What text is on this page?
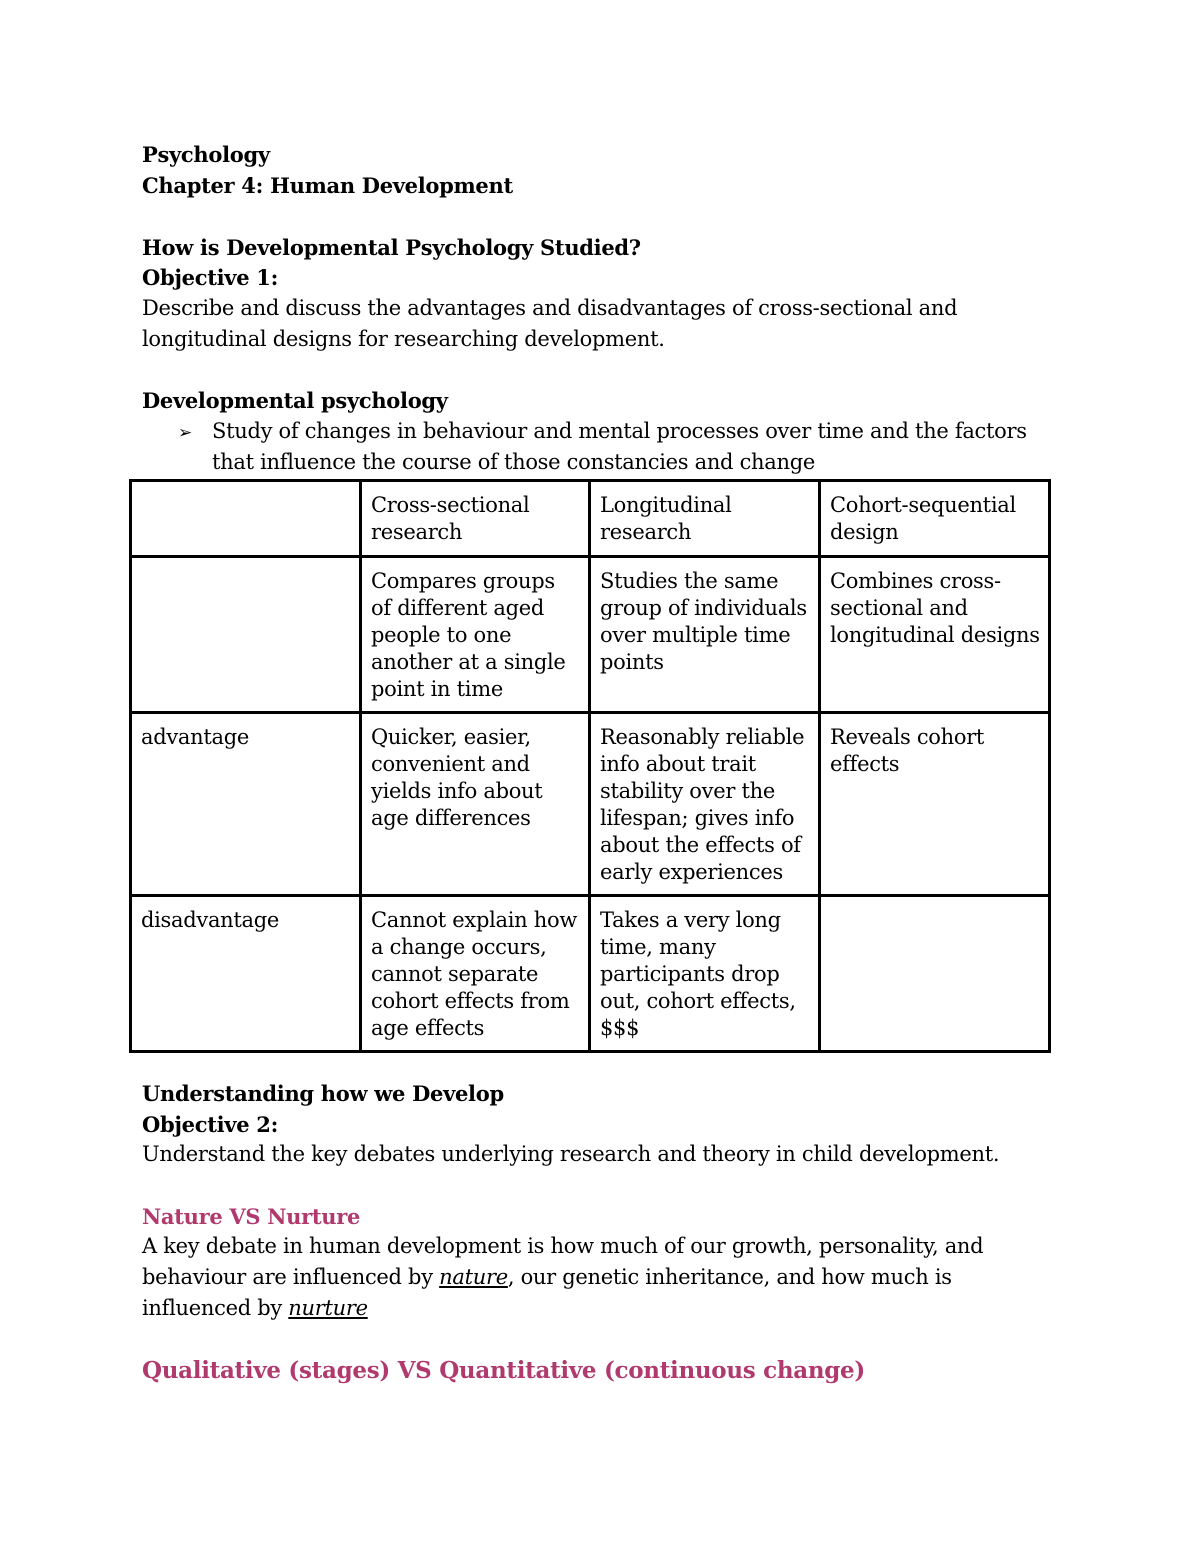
Psychology
Chapter 4: Human Development
How is Developmental Psychology Studied?
Objective 1:
Describe and discuss the advantages and disadvantages of cross-sectional and
longitudinal designs for researching development.
Developmental psychology
➢ Study of changes in behaviour and mental processes over time and the factors
that influence the course of those constancies and change
	Cross-sectional research	Longitudinal research	Cohort-sequential design
	Compares groups of different aged people to one another at a single point in time	Studies the same group of individuals over multiple time points	Combines cross-sectional and longitudinal designs
advantage	Quicker, easier, convenient and yields info about age differences	Reasonably reliable info about trait stability over the lifespan; gives info about the effects of early experiences	Reveals cohort effects
disadvantage	Cannot explain how a change occurs, cannot separate cohort effects from age effects	Takes a very long time, many participants drop out, cohort effects, $$$	
Understanding how we Develop
Objective 2:
Understand the key debates underlying research and theory in child development.
Nature VS Nurture
A key debate in human development is how much of our growth, personality, and
behaviour are influenced by nature, our genetic inheritance, and how much is
influenced by nurture
Qualitative (stages) VS Quantitative (continuous change)
